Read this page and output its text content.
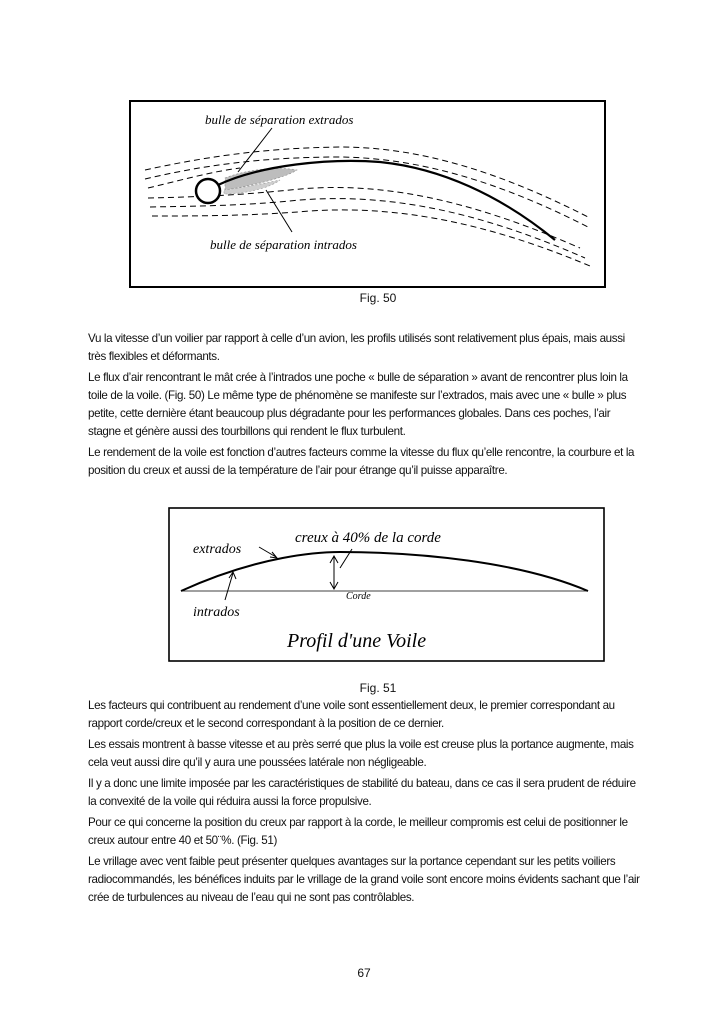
bulle de séparation extrados
bulle de séparation intrados
Fig. 50

Vu la vitesse d’un voilier par rapport à celle d’un avion, les profils utilisés sont relativement plus épais, mais aussi très flexibles et déformants.

Le flux d’air rencontrant le mât crée à l’intrados une poche « bulle de séparation » avant de rencontrer plus loin la toile de la voile. (Fig. 50) Le même type de phénomène se manifeste sur l’extrados, mais avec une « bulle » plus petite, cette dernière étant beaucoup plus dégradante pour les performances globales. Dans ces poches, l’air stagne et génère aussi des tourbillons qui rendent le flux turbulent.

Le rendement de la voile est fonction d’autres facteurs comme la vitesse du flux qu’elle rencontre, la courbure et la position du creux et aussi de la température de l’air pour étrange qu’il puisse apparaître.

extrados
intrados
creux à 40% de la corde
Corde
Profil d'une Voile
Fig. 51

Les facteurs qui contribuent au rendement d’une voile sont essentiellement deux, le premier correspondant au rapport corde/creux et le second correspondant à la position de ce dernier.

Les essais montrent à basse vitesse et au près serré que plus la voile est creuse plus la portance augmente, mais cela veut aussi dire qu’il y aura une poussées latérale non négligeable.

Il y a donc une limite imposée par les caractéristiques de stabilité du bateau, dans ce cas il sera prudent de réduire la convexité de la voile qui réduira aussi la force propulsive.

Pour ce qui concerne la position du creux par rapport à la corde, le meilleur compromis est celui de positionner le creux autour entre 40 et 50¨%. (Fig. 51)

Le vrillage avec vent faible peut présenter quelques avantages sur la portance cependant sur les petits voiliers radiocommandés, les bénéfices induits par le vrillage de la grand voile sont encore moins évidents sachant que l’air crée de turbulences au niveau de l’eau qui ne sont pas contrôlables.

67
